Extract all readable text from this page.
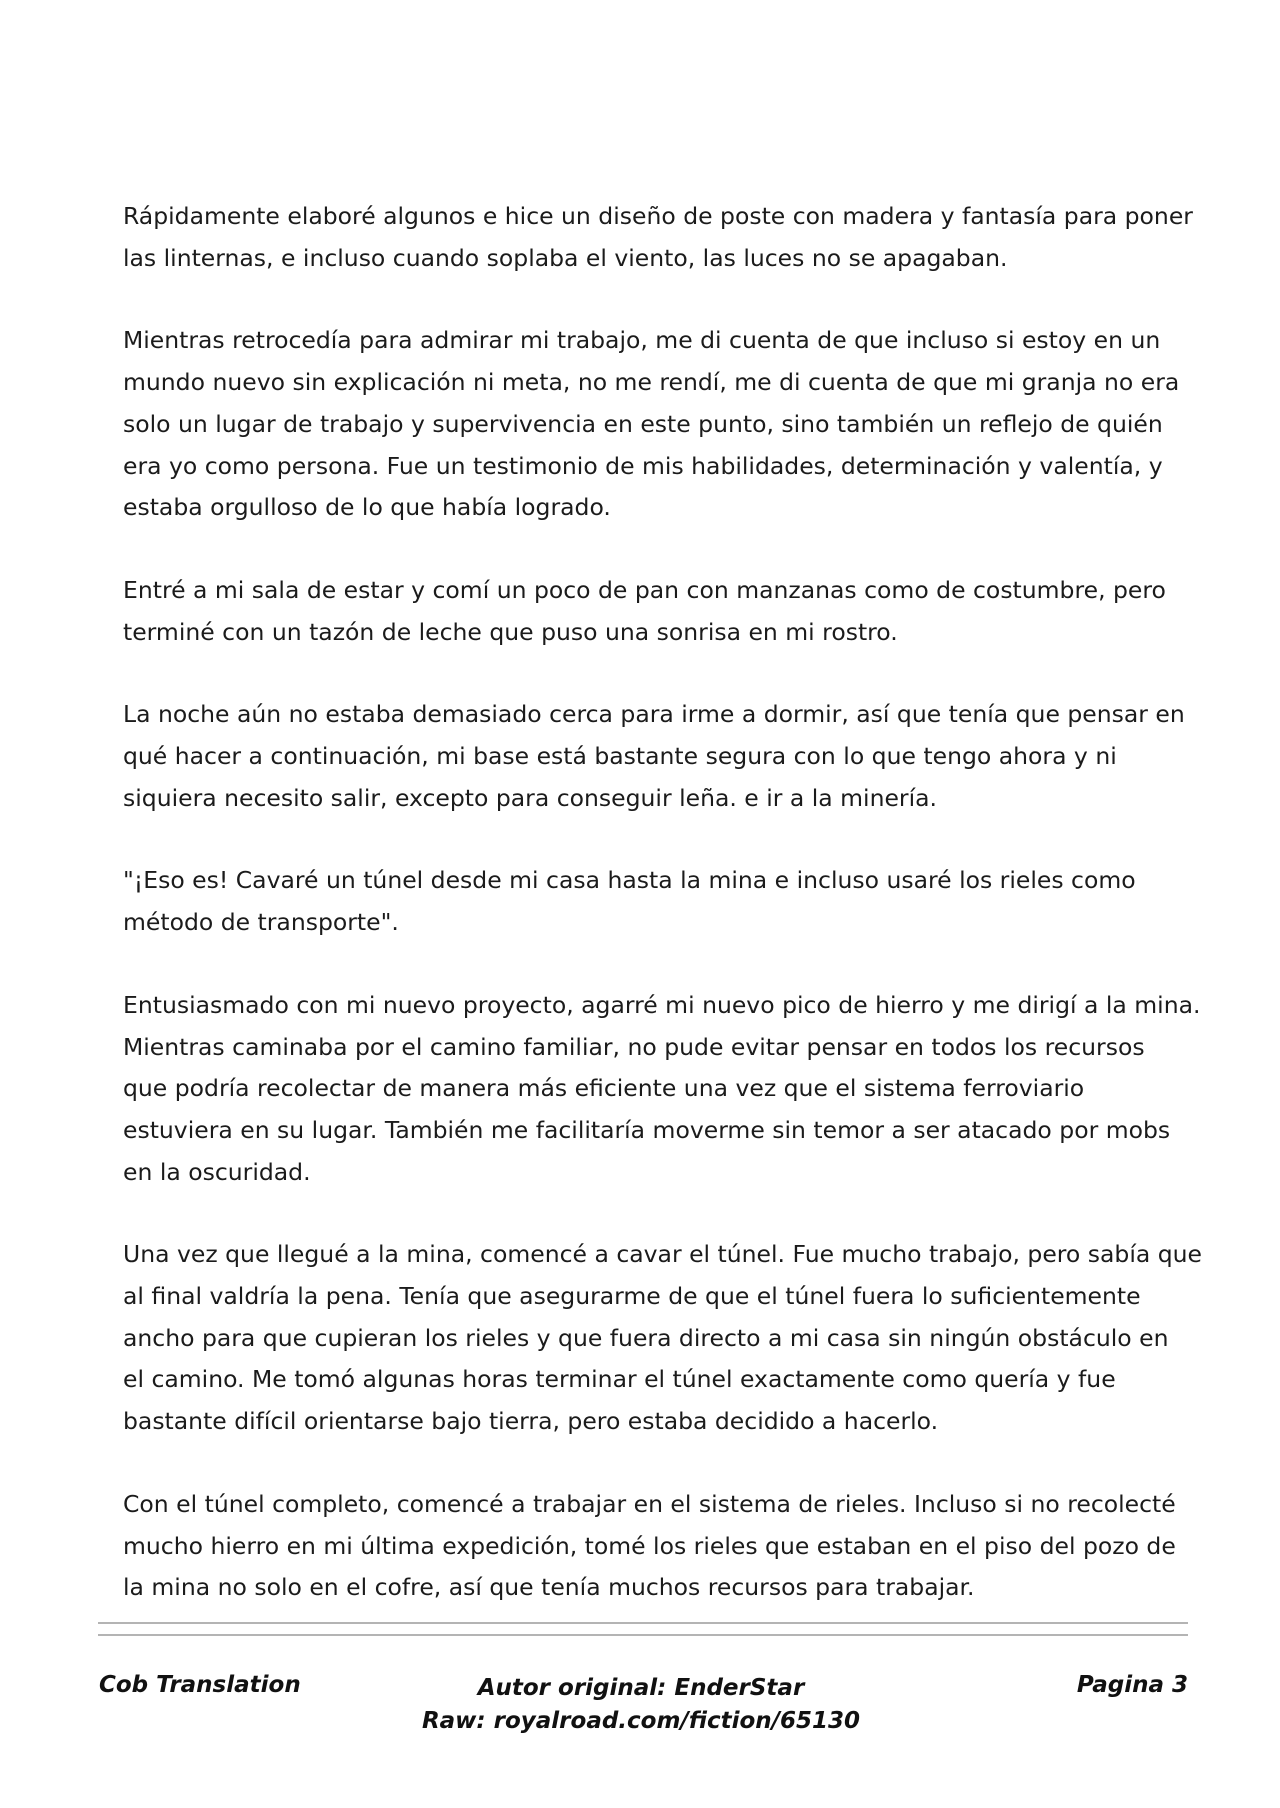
Rápidamente elaboré algunos e hice un diseño de poste con madera y fantasía para poner
las linternas, e incluso cuando soplaba el viento, las luces no se apagaban.

Mientras retrocedía para admirar mi trabajo, me di cuenta de que incluso si estoy en un
mundo nuevo sin explicación ni meta, no me rendí, me di cuenta de que mi granja no era
solo un lugar de trabajo y supervivencia en este punto, sino también un reflejo de quién
era yo como persona. Fue un testimonio de mis habilidades, determinación y valentía, y
estaba orgulloso de lo que había logrado.

Entré a mi sala de estar y comí un poco de pan con manzanas como de costumbre, pero
terminé con un tazón de leche que puso una sonrisa en mi rostro.

La noche aún no estaba demasiado cerca para irme a dormir, así que tenía que pensar en
qué hacer a continuación, mi base está bastante segura con lo que tengo ahora y ni
siquiera necesito salir, excepto para conseguir leña. e ir a la minería.

"¡Eso es! Cavaré un túnel desde mi casa hasta la mina e incluso usaré los rieles como
método de transporte".

Entusiasmado con mi nuevo proyecto, agarré mi nuevo pico de hierro y me dirigí a la mina.
Mientras caminaba por el camino familiar, no pude evitar pensar en todos los recursos
que podría recolectar de manera más eficiente una vez que el sistema ferroviario
estuviera en su lugar. También me facilitaría moverme sin temor a ser atacado por mobs
en la oscuridad.

Una vez que llegué a la mina, comencé a cavar el túnel. Fue mucho trabajo, pero sabía que
al final valdría la pena. Tenía que asegurarme de que el túnel fuera lo suficientemente
ancho para que cupieran los rieles y que fuera directo a mi casa sin ningún obstáculo en
el camino. Me tomó algunas horas terminar el túnel exactamente como quería y fue
bastante difícil orientarse bajo tierra, pero estaba decidido a hacerlo.

Con el túnel completo, comencé a trabajar en el sistema de rieles. Incluso si no recolecté
mucho hierro en mi última expedición, tomé los rieles que estaban en el piso del pozo de
la mina no solo en el cofre, así que tenía muchos recursos para trabajar.

Cob Translation	Autor original: EnderStar
Raw: royalroad.com/fiction/65130
Pagina 3
